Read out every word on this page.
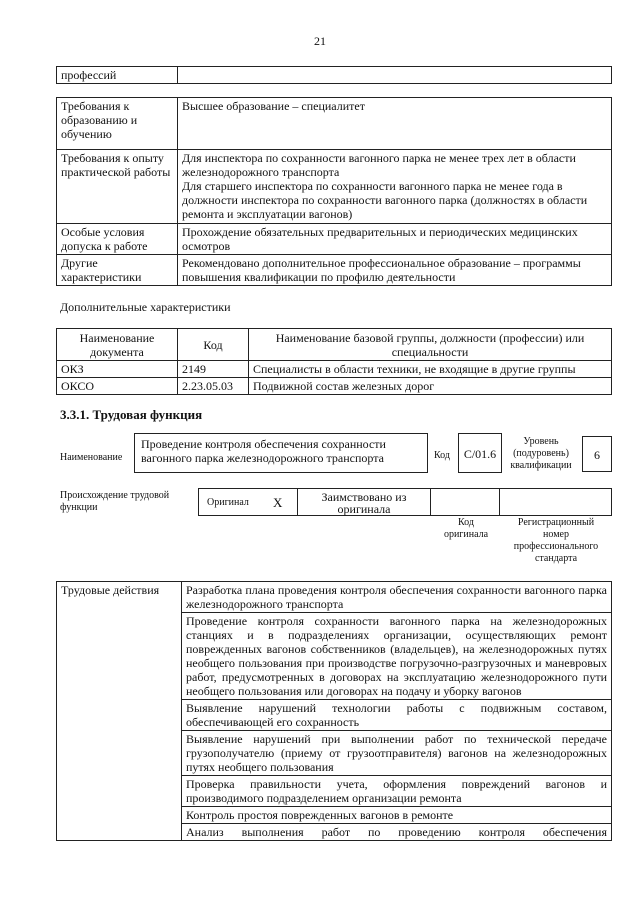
21
профессий	
Требования к образованию и обучению	Высшее образование – специалитет

Требования к опыту практической работы	Для инспектора по сохранности вагонного парка не менее трех лет в области железнодорожного транспорта
Для старшего инспектора по сохранности вагонного парка не менее года в должности инспектора по сохранности вагонного парка (должностях в области ремонта и эксплуатации вагонов)

Особые условия допуска к работе	Прохождение обязательных предварительных и периодических медицинских осмотров

Другие характеристики	Рекомендовано дополнительное профессиональное образование – программы повышения квалификации по профилю деятельности
Дополнительные характеристики
Наименование документа	Код	Наименование базовой группы, должности (профессии) или специальности
ОКЗ	2149	Специалисты в области техники, не входящие в другие группы
ОКСО	2.23.05.03	Подвижной состав железных дорог
3.3.1. Трудовая функция
Наименование
Проведение контроля обеспечения сохранности вагонного парка железнодорожного транспорта	Код	C/01.6
Уровень (подуровень) квалификации
6
Происхождение трудовой функции	Оригинал X	Заимствовано из оригинала
Код оригинала
Регистрационный номер профессионального стандарта
Трудовые действия	Разработка плана проведения контроля обеспечения сохранности вагонного парка железнодорожного транспорта
Проведение контроля сохранности вагонного парка на железнодорожных станциях и в подразделениях организации, осуществляющих ремонт поврежденных вагонов собственников (владельцев), на железнодорожных путях необщего пользования при производстве погрузочно-разгрузочных и маневровых работ, предусмотренных в договорах на эксплуатацию железнодорожного пути необщего пользования или договорах на подачу и уборку вагонов
Выявление нарушений технологии работы с подвижным составом, обеспечивающей его сохранность
Выявление нарушений при выполнении работ по технической передаче грузополучателю (приему от грузоотправителя) вагонов на железнодорожных путях необщего пользования
Проверка правильности учета, оформления повреждений вагонов и производимого подразделением организации ремонта
Контроль простоя поврежденных вагонов в ремонте
Анализ выполнения работ по проведению контроля обеспечения
